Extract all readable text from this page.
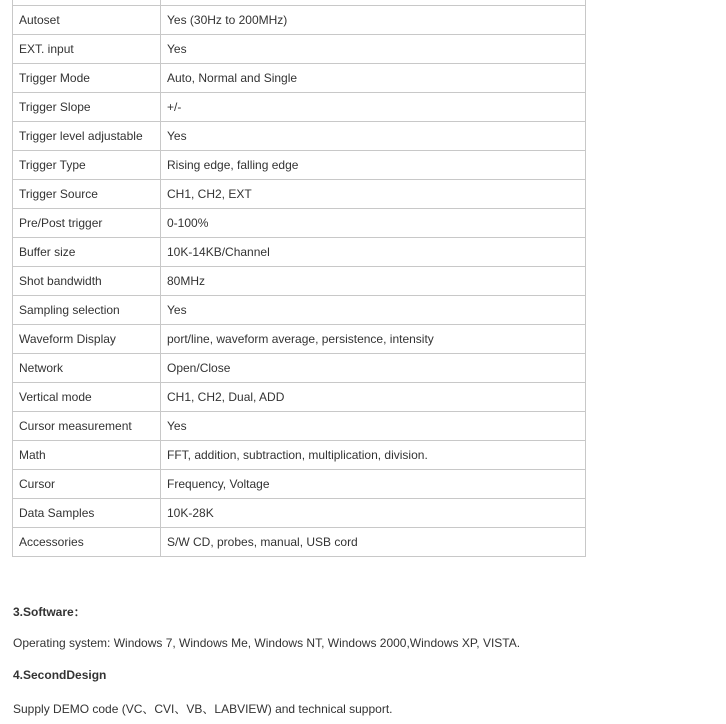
Autoset	Yes (30Hz to 200MHz)
EXT. input	Yes
Trigger Mode	Auto, Normal and Single
Trigger Slope	+/-
Trigger level adjustable	Yes
Trigger Type	Rising edge, falling edge
Trigger Source	CH1, CH2, EXT
Pre/Post trigger	0-100%
Buffer size	10K-14KB/Channel
Shot bandwidth	80MHz
Sampling selection	Yes
Waveform Display	port/line, waveform average, persistence, intensity
Network	Open/Close
Vertical mode	CH1, CH2, Dual, ADD
Cursor measurement	Yes
Math	FFT, addition, subtraction, multiplication, division.
Cursor	Frequency, Voltage
Data Samples	10K-28K
Accessories	S/W CD, probes, manual, USB cord
3.Software：

Operating system: Windows 7, Windows Me, Windows NT, Windows 2000,Windows XP, VISTA.

4.SecondDesign

Supply DEMO code (VC、CVI、VB、LABVIEW) and technical support.
